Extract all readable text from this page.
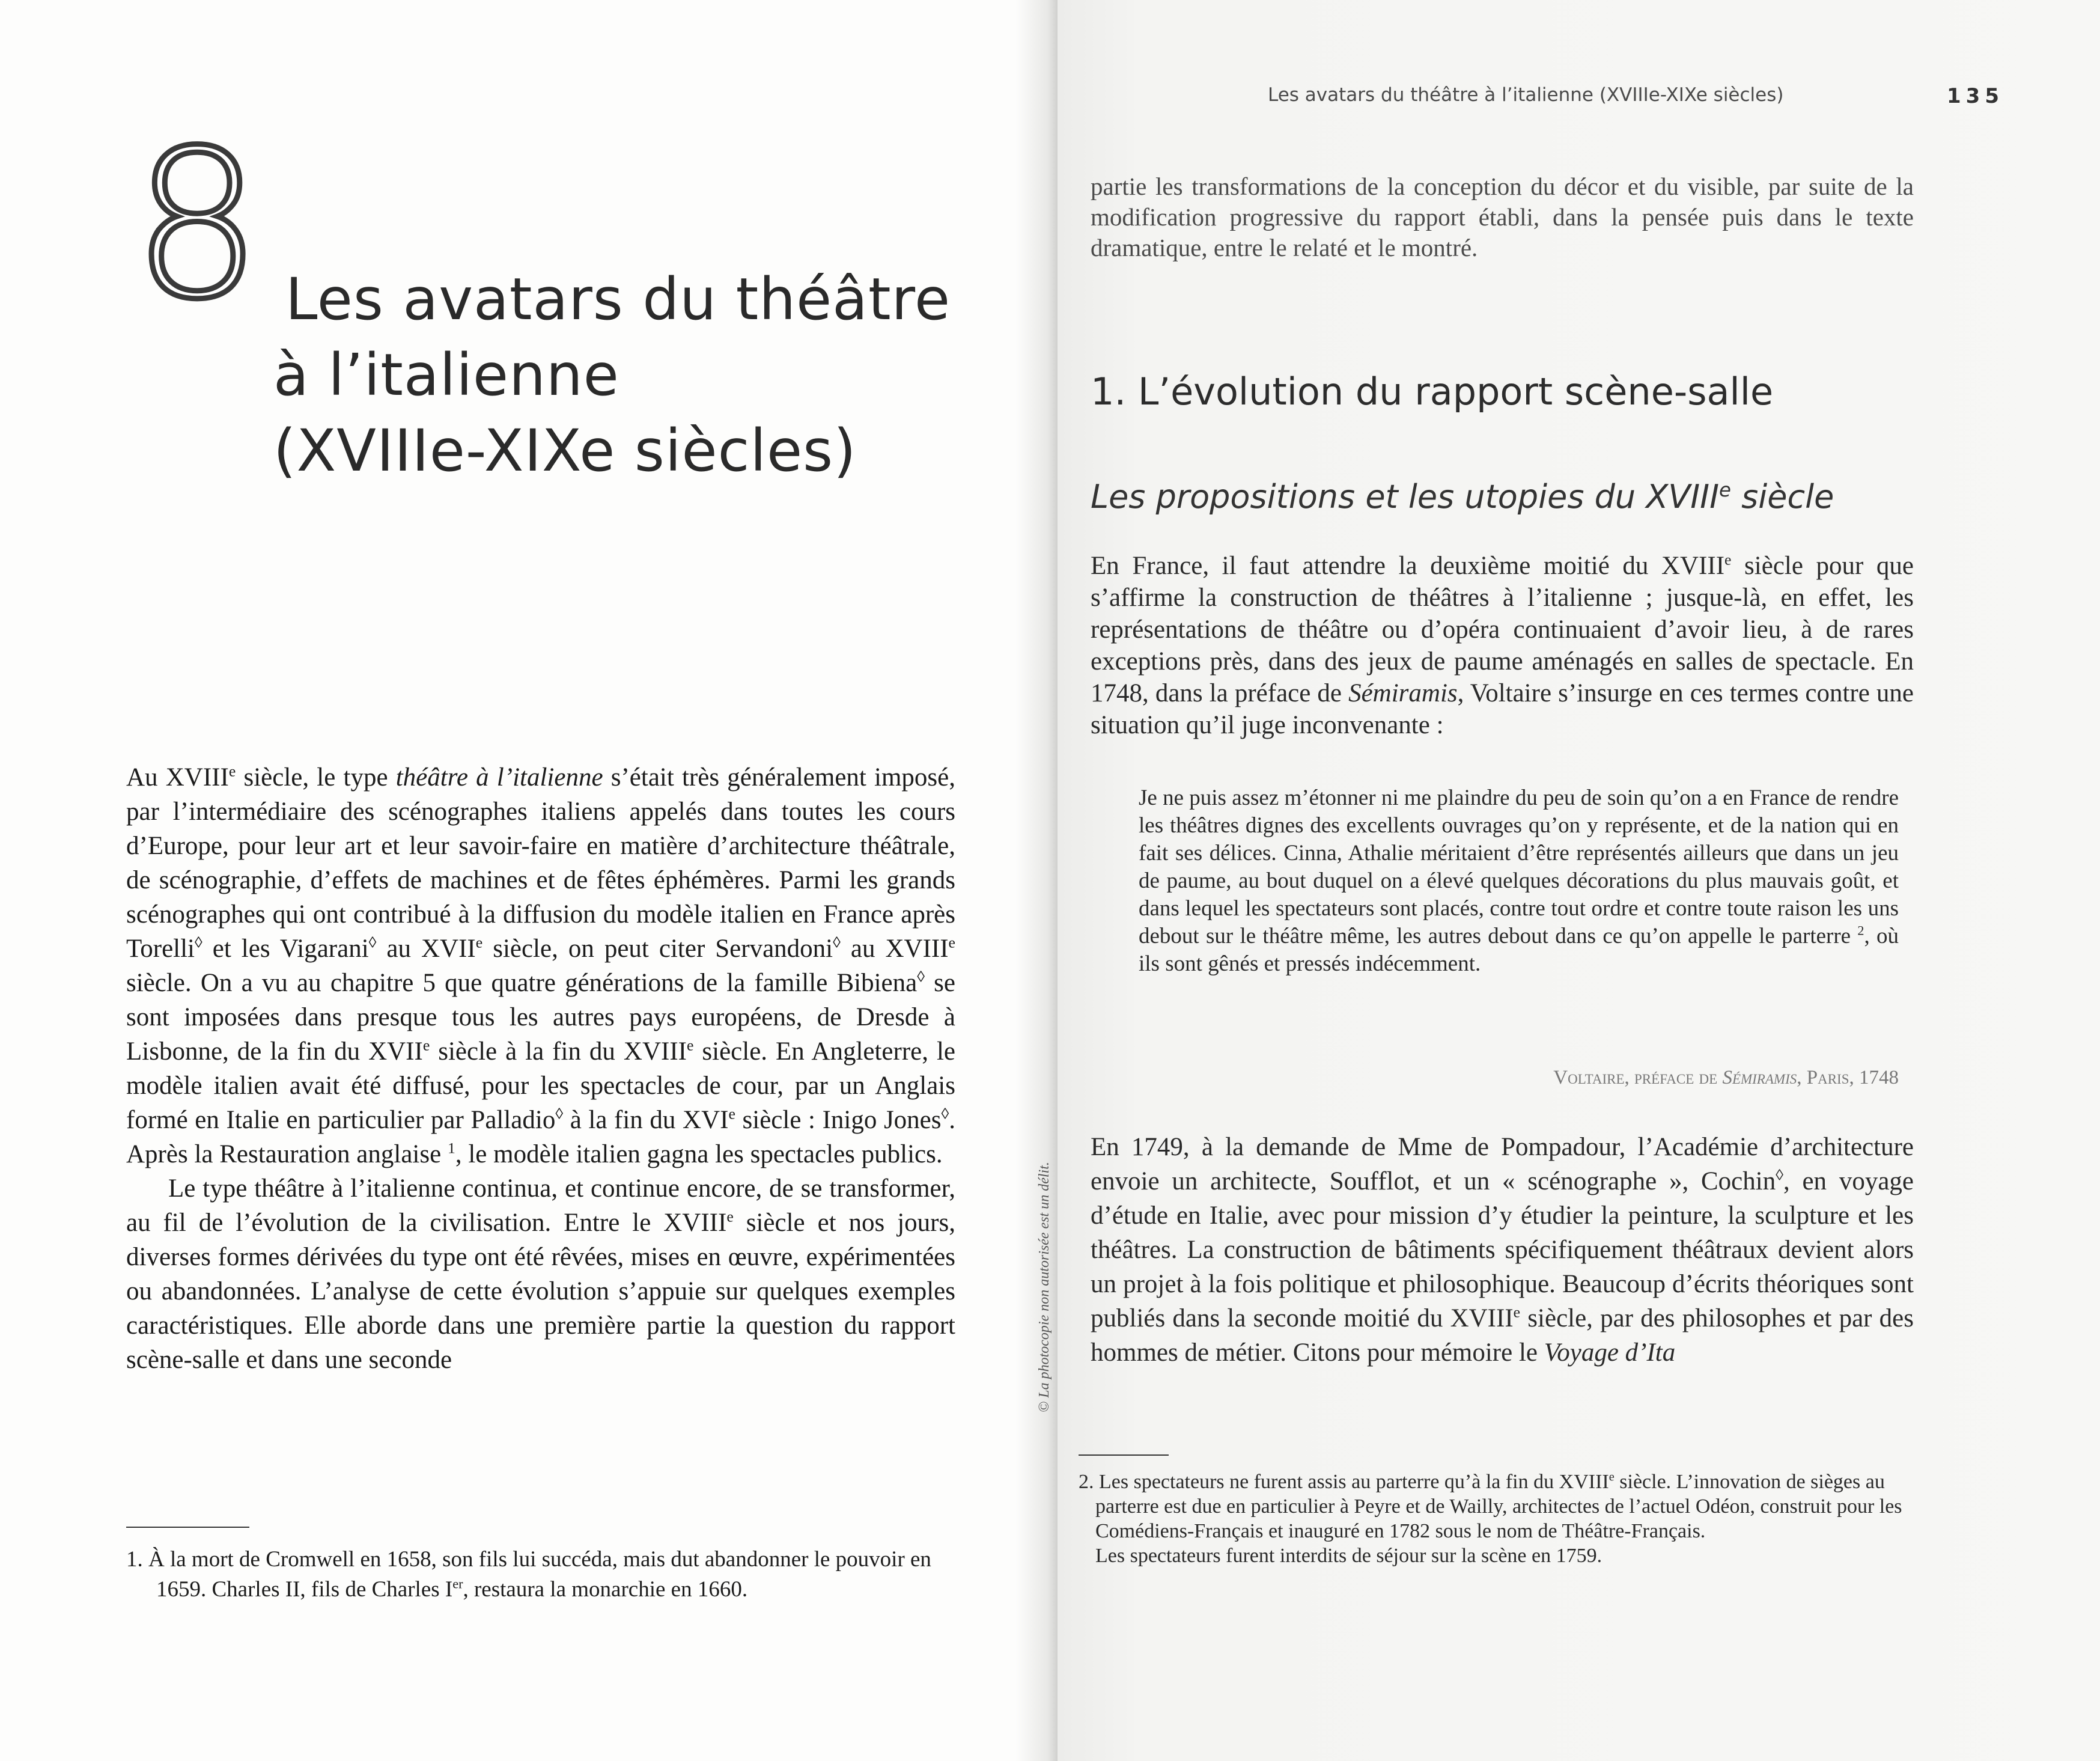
8 Les avatars du théâtre
à l’italienne
(XVIIIe-XIXe siècles)

Au XVIIIe siècle, le type théâtre à l’italienne s’était très généralement imposé, par l’intermédiaire des scénographes italiens appelés dans toutes les cours d’Europe, pour leur art et leur savoir-faire en matière d’architecture théâtrale, de scénographie, d’effets de machines et de fêtes éphémères. Parmi les grands scénographes qui ont contribué à la diffusion du modèle italien en France après Torelli◊ et les Vigarani◊ au XVIIe siècle, on peut citer Servandoni◊ au XVIIIe siècle. On a vu au chapitre 5 que quatre générations de la famille Bibiena◊ se sont imposées dans presque tous les autres pays européens, de Dresde à Lisbonne, de la fin du XVIIe siècle à la fin du XVIIIe siècle. En Angleterre, le modèle italien avait été diffusé, pour les spectacles de cour, par un Anglais formé en Italie en particulier par Palladio◊ à la fin du XVIe siècle : Inigo Jones◊. Après la Restauration anglaise $^1$, le modèle italien gagna les spectacles publics.

Le type théâtre à l’italienne continua, et continue encore, de se transformer, au fil de l’évolution de la civilisation. Entre le XVIIIe siècle et nos jours, diverses formes dérivées du type ont été rêvées, mises en œuvre, expérimentées ou abandonnées. L’analyse de cette évolution s’appuie sur quelques exemples caractéristiques. Elle aborde dans une première partie la question du rapport scène-salle et dans une seconde

1. À la mort de Cromwell en 1658, son fils lui succéda, mais dut abandonner le pouvoir en 1659. Charles II, fils de Charles Ier, restaura la monarchie en 1660.
Les avatars du théâtre à l’italienne (XVIIIe-XIXe siècles)	135
partie les transformations de la conception du décor et du visible, par suite de la modification progressive du rapport établi, dans la pensée puis dans le texte dramatique, entre le relaté et le montré.
1. L’évolution du rapport scène-salle
Les propositions et les utopies du XVIIIe siècle
En France, il faut attendre la deuxième moitié du XVIIIe siècle pour que s’affirme la construction de théâtres à l’italienne ; jusque-là, en effet, les représentations de théâtre ou d’opéra continuaient d’avoir lieu, à de rares exceptions près, dans des jeux de paume aménagés en salles de spectacle. En 1748, dans la préface de Sémiramis, Voltaire s’insurge en ces termes contre une situation qu’il juge inconvenante :
Je ne puis assez m’étonner ni me plaindre du peu de soin qu’on a en France de rendre les théâtres dignes des excellents ouvrages qu’on y représente, et de la nation qui en fait ses délices. Cinna, Athalie méritaient d’être représentés ailleurs que dans un jeu de paume, au bout duquel on a élevé quelques décorations du plus mauvais goût, et dans lequel les spectateurs sont placés, contre tout ordre et contre toute raison les uns debout sur le théâtre même, les autres debout dans ce qu’on appelle le parterre $^2$, où ils sont gênés et pressés indécemment.
Voltaire, préface de Sémiramis, Paris, 1748
En 1749, à la demande de Mme de Pompadour, l’Académie d’architecture envoie un architecte, Soufflot, et un « scénographe », Cochin◊, en voyage d’étude en Italie, avec pour mission d’y étudier la peinture, la sculpture et les théâtres. La construction de bâtiments spécifiquement théâtraux devient alors un projet à la fois politique et philosophique. Beaucoup d’écrits théoriques sont publiés dans la seconde moitié du XVIIIe siècle, par des philosophes et par des hommes de métier. Citons pour mémoire le Voyage d’Ita
2. Les spectateurs ne furent assis au parterre qu’à la fin du XVIIIe siècle. L’innovation de sièges au parterre est due en particulier à Peyre et de Wailly, architectes de l’actuel Odéon, construit pour les Comédiens-Français et inauguré en 1782 sous le nom de Théâtre-Français.
Les spectateurs furent interdits de séjour sur la scène en 1759.
© La photocopie non autorisée est un délit.
